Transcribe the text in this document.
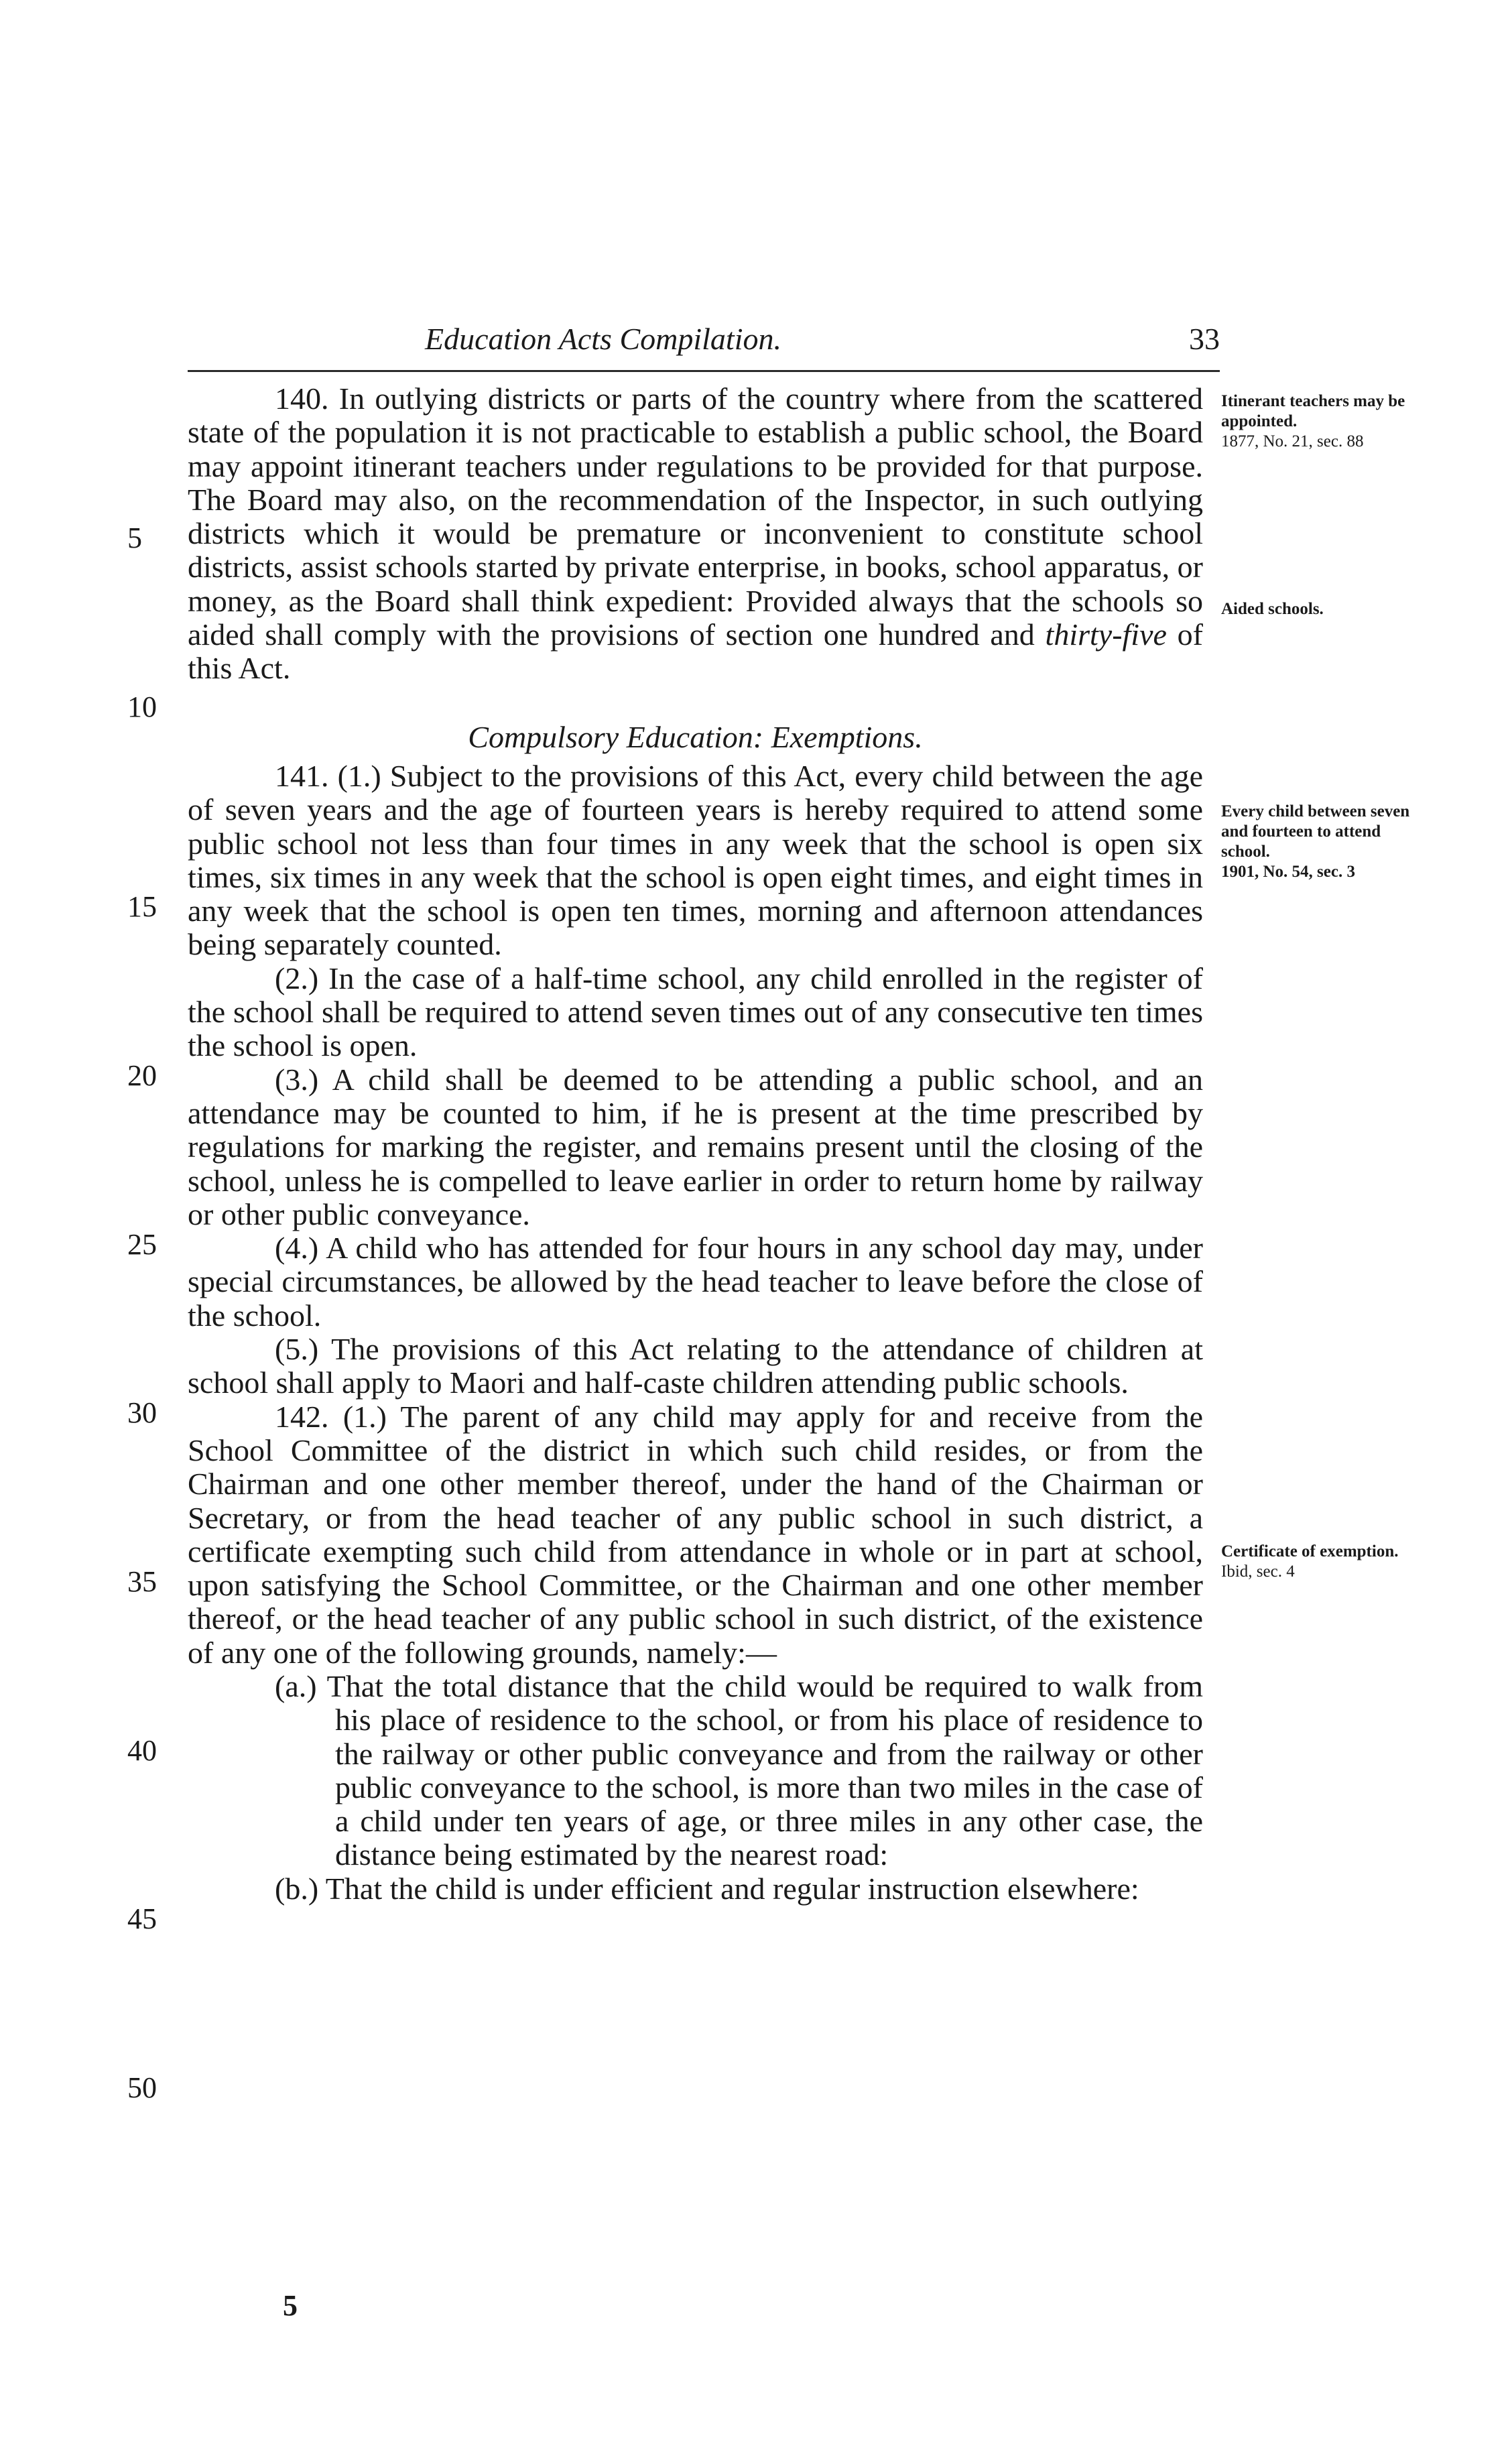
Education Acts Compilation.	33
5
10
15
20
25
30
35
40
45
50
Itinerant teachers may be appointed.
1877, No. 21, sec. 88
Aided schools.
Every child between seven and fourteen to attend school.
1901, No. 54, sec. 3
Certificate of exemption.
Ibid, sec. 4

140. In outlying districts or parts of the country where from the scattered state of the population it is not practicable to establish a public school, the Board may appoint itinerant teachers under regulations to be provided for that purpose. The Board may also, on the recommendation of the Inspector, in such outlying districts which it would be premature or inconvenient to constitute school districts, assist schools started by private enterprise, in books, school apparatus, or money, as the Board shall think expedient: Provided always that the schools so aided shall comply with the provisions of section one hundred and thirty-five of this Act.

Compulsory Education: Exemptions.

141. (1.) Subject to the provisions of this Act, every child between the age of seven years and the age of fourteen years is hereby required to attend some public school not less than four times in any week that the school is open six times, six times in any week that the school is open eight times, and eight times in any week that the school is open ten times, morning and afternoon attendances being separately counted.

(2.) In the case of a half-time school, any child enrolled in the register of the school shall be required to attend seven times out of any consecutive ten times the school is open.

(3.) A child shall be deemed to be attending a public school, and an attendance may be counted to him, if he is present at the time prescribed by regulations for marking the register, and remains present until the closing of the school, unless he is compelled to leave earlier in order to return home by railway or other public conveyance.

(4.) A child who has attended for four hours in any school day may, under special circumstances, be allowed by the head teacher to leave before the close of the school.

(5.) The provisions of this Act relating to the attendance of children at school shall apply to Maori and half-caste children attending public schools.

142. (1.) The parent of any child may apply for and receive from the School Committee of the district in which such child resides, or from the Chairman and one other member thereof, under the hand of the Chairman or Secretary, or from the head teacher of any public school in such district, a certificate exempting such child from attendance in whole or in part at school, upon satisfying the School Committee, or the Chairman and one other member thereof, or the head teacher of any public school in such district, of the existence of any one of the following grounds, namely:—

(a.) That the total distance that the child would be required to walk from his place of residence to the school, or from his place of residence to the railway or other public conveyance and from the railway or other public conveyance to the school, is more than two miles in the case of a child under ten years of age, or three miles in any other case, the distance being estimated by the nearest road:

(b.) That the child is under efficient and regular instruction elsewhere:

5
